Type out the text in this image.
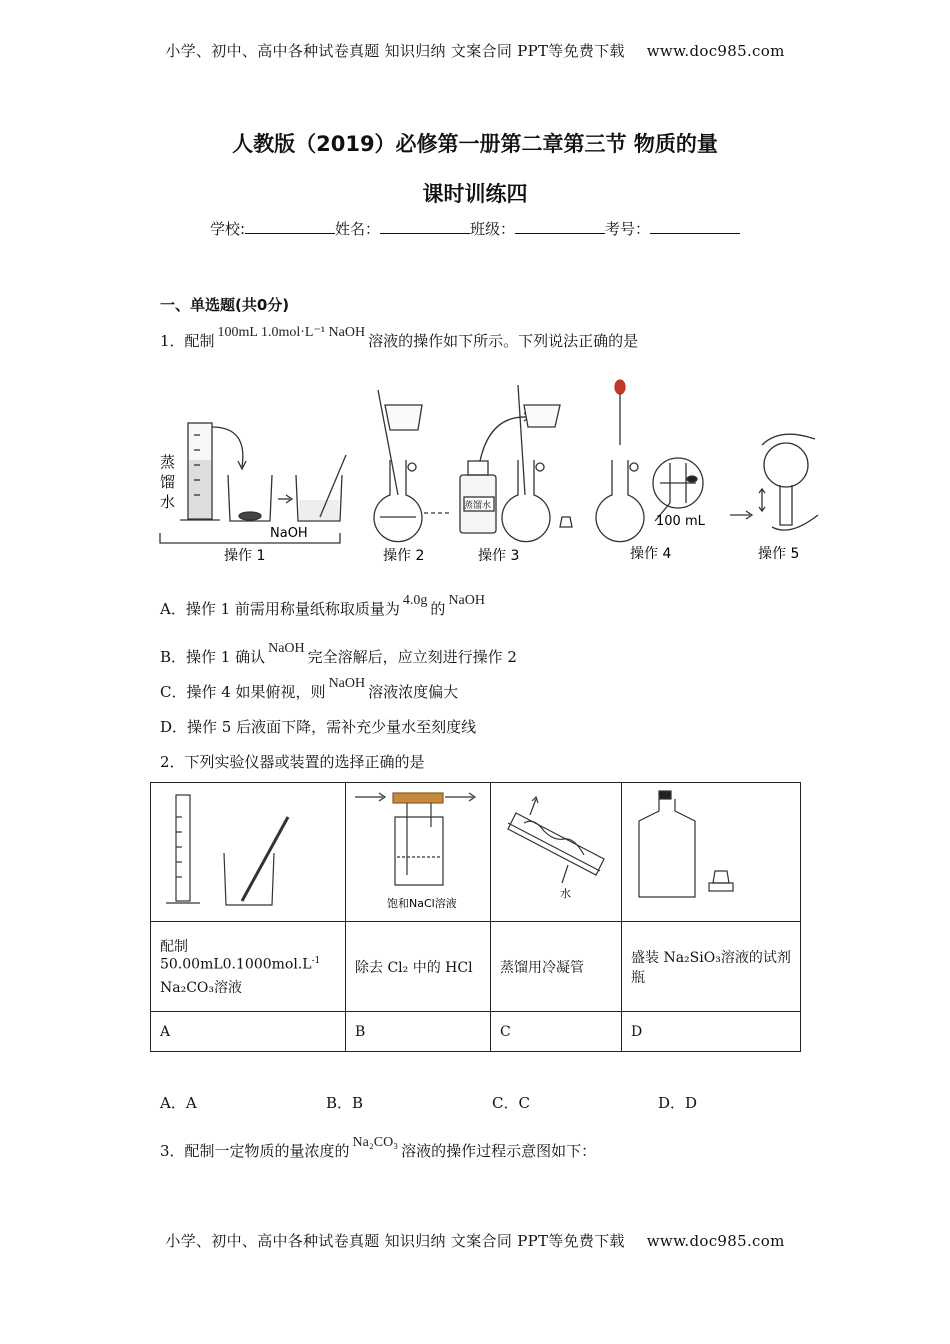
小学、初中、高中各种试卷真题 知识归纳 文案合同 PPT等免费下载 www.doc985.com
人教版（2019）必修第一册第二章第三节 物质的量
课时训练四
学校:	姓名：	班级：	考号：
一、单选题(共0分)
1．配制 100mL 1.0mol·L⁻¹ NaOH 溶液的操作如下所示。下列说法正确的是
蒸
馏
水
NaOH
蒸馏水
100 mL
操作 1	操作 2	操作 3	操作 4	操作 5
A．操作 1 前需用称量纸称取质量为 4.0g 的 NaOH
B．操作 1 确认 NaOH 完全溶解后，应立刻进行操作 2
C．操作 4 如果俯视，则 NaOH 溶液浓度偏大
D．操作 5 后液面下降，需补充少量水至刻度线
2．下列实验仪器或装置的选择正确的是

饱和NaCl溶液	水

配制
$50.00mL0.1000mol.L^{-1}$
Na₂CO₃溶液	除去 Cl₂ 中的 HCl	蒸馏用冷凝管	盛装 Na₂SiO₃溶液的试剂瓶
A	B	C	D
A．A	B．B	C．C	D．D
3．配制一定物质的量浓度的 Na₂CO₃ 溶液的操作过程示意图如下：
小学、初中、高中各种试卷真题 知识归纳 文案合同 PPT等免费下载 www.doc985.com
